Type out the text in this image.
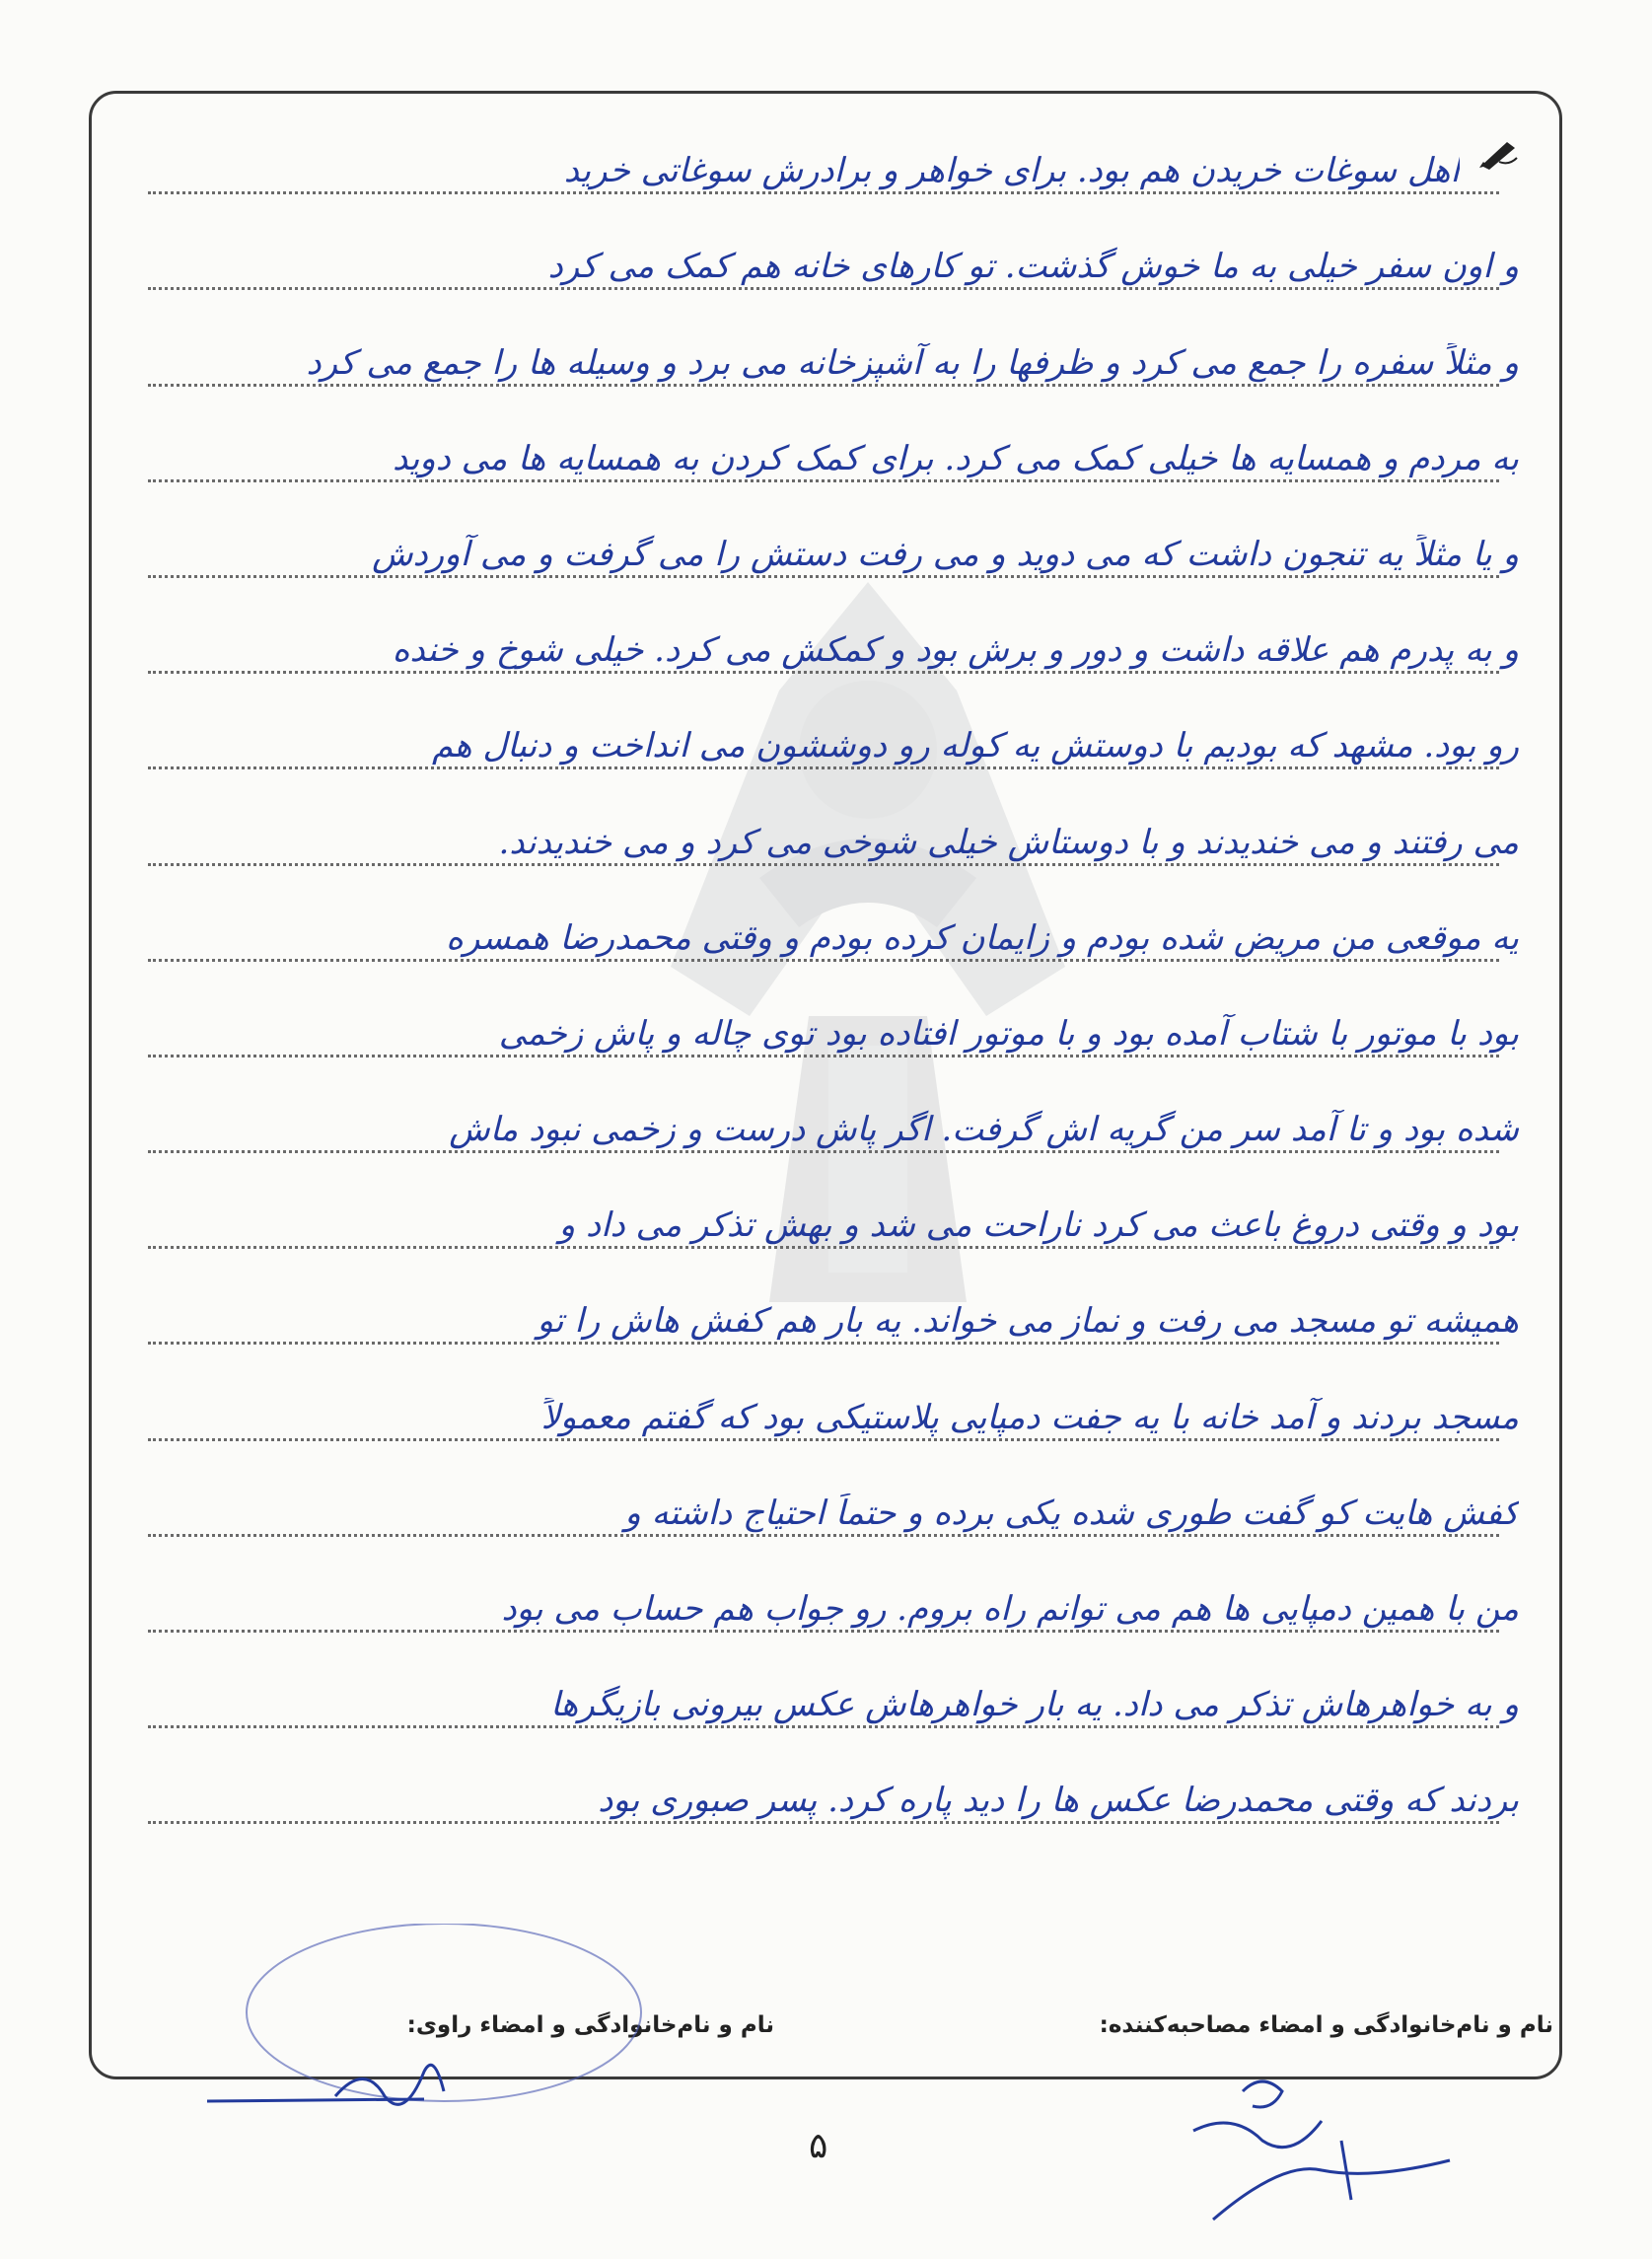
اهل سوغات خریدن هم بود. برای خواهر و برادرش سوغاتی خرید
و اون سفر خیلی به ما خوش گذشت. تو کارهای خانه هم کمک می کرد
و مثلاً سفره را جمع می کرد و ظرفها را به آشپزخانه می برد و وسیله ها را جمع می کرد
به مردم و همسایه ها خیلی کمک می کرد. برای کمک کردن به همسایه ها می دوید
و یا مثلاً یه تنجون داشت که می دوید و می رفت دستش را می گرفت و می آوردش
و به پدرم هم علاقه داشت و دور و برش بود و کمکش می کرد. خیلی شوخ و خنده
رو بود. مشهد که بودیم با دوستش یه کوله رو دوششون می انداخت و دنبال هم
می رفتند و می خندیدند و با دوستاش خیلی شوخی می کرد و می خندیدند.
یه موقعی من مریض شده بودم و زایمان کرده بودم و وقتی محمدرضا همسره
بود با موتور با شتاب آمده بود و با موتور افتاده بود توی چاله و پاش زخمی
شده بود و تا آمد سر من گریه اش گرفت. اگر پاش درست و زخمی نبود ماش
بود و وقتی دروغ باعث می کرد ناراحت می شد و بهش تذکر می داد و
همیشه تو مسجد می رفت و نماز می خواند. یه بار هم کفش هاش را تو
مسجد بردند و آمد خانه با یه جفت دمپایی پلاستیکی بود که گفتم معمولاً
کفش هایت کو گفت طوری شده یکی برده و حتماً احتیاج داشته و
من با همین دمپایی ها هم می توانم راه بروم. رو جواب هم حساب می بود
و به خواهرهاش تذکر می داد. یه بار خواهرهاش عکس بیرونی بازیگرها
بردند که وقتی محمدرضا عکس ها را دید پاره کرد. پسر صبوری بود
نام و نام‌خانوادگی و امضاء مصاحبه‌کننده:
نام و نام‌خانوادگی و امضاء راوی:
۵
